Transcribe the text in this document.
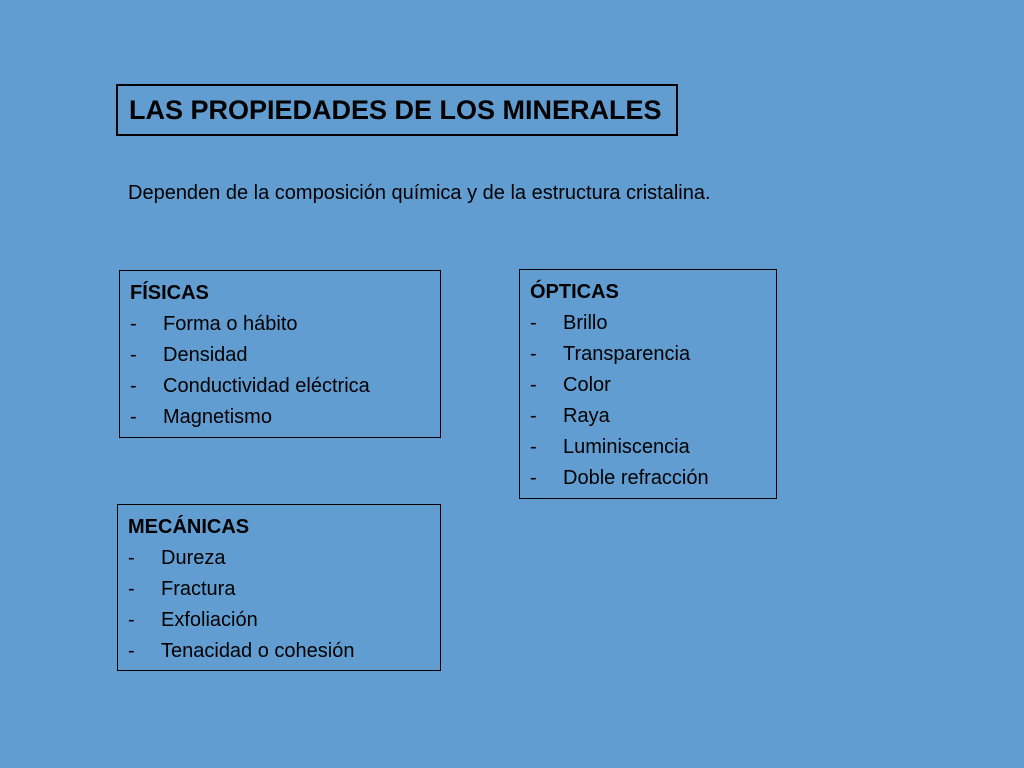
LAS PROPIEDADES DE LOS MINERALES
Dependen de la composición química y de la estructura cristalina.
FÍSICAS
-	Forma o hábito
-	Densidad
-	Conductividad eléctrica
-	Magnetismo
ÓPTICAS
-	Brillo
-	Transparencia
-	Color
-	Raya
-	Luminiscencia
-	Doble refracción
MECÁNICAS
-	Dureza
-	Fractura
-	Exfoliación
-	Tenacidad o cohesión
